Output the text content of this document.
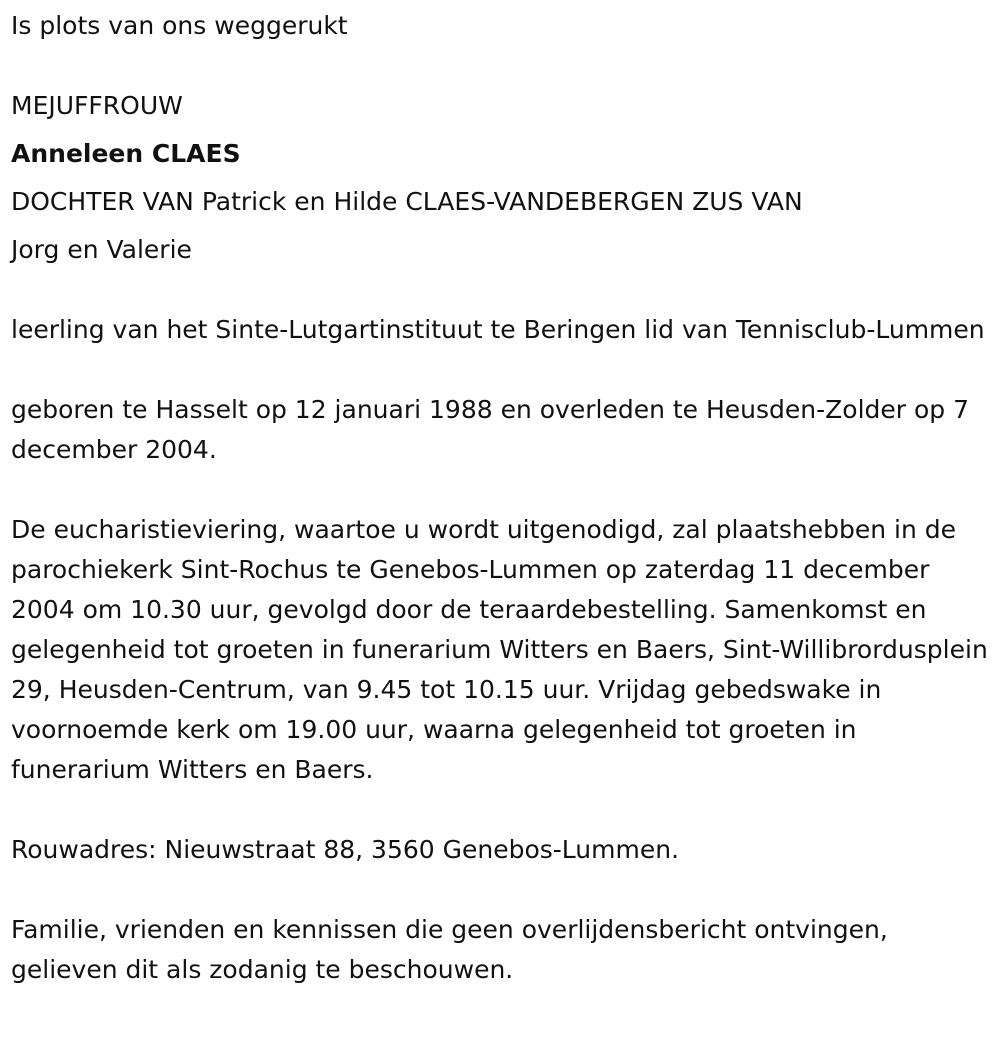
Is plots van ons weggerukt
MEJUFFROUW
Anneleen CLAES
DOCHTER VAN Patrick en Hilde CLAES-VANDEBERGEN ZUS VAN
Jorg en Valerie

leerling van het Sinte-Lutgartinstituut te Beringen lid van Tennisclub-Lummen

geboren te Hasselt op 12 januari 1988 en overleden te Heusden-Zolder op 7 december 2004.

De eucharistieviering, waartoe u wordt uitgenodigd, zal plaatshebben in de parochiekerk Sint-Rochus te Genebos-Lummen op zaterdag 11 december 2004 om 10.30 uur, gevolgd door de teraardebestelling. Samenkomst en gelegenheid tot groeten in funerarium Witters en Baers, Sint-Willibrordusplein 29, Heusden-Centrum, van 9.45 tot 10.15 uur. Vrijdag gebedswake in voornoemde kerk om 19.00 uur, waarna gelegenheid tot groeten in funerarium Witters en Baers.

Rouwadres: Nieuwstraat 88, 3560 Genebos-Lummen.

Familie, vrienden en kennissen die geen overlijdensbericht ontvingen, gelieven dit als zodanig te beschouwen.
